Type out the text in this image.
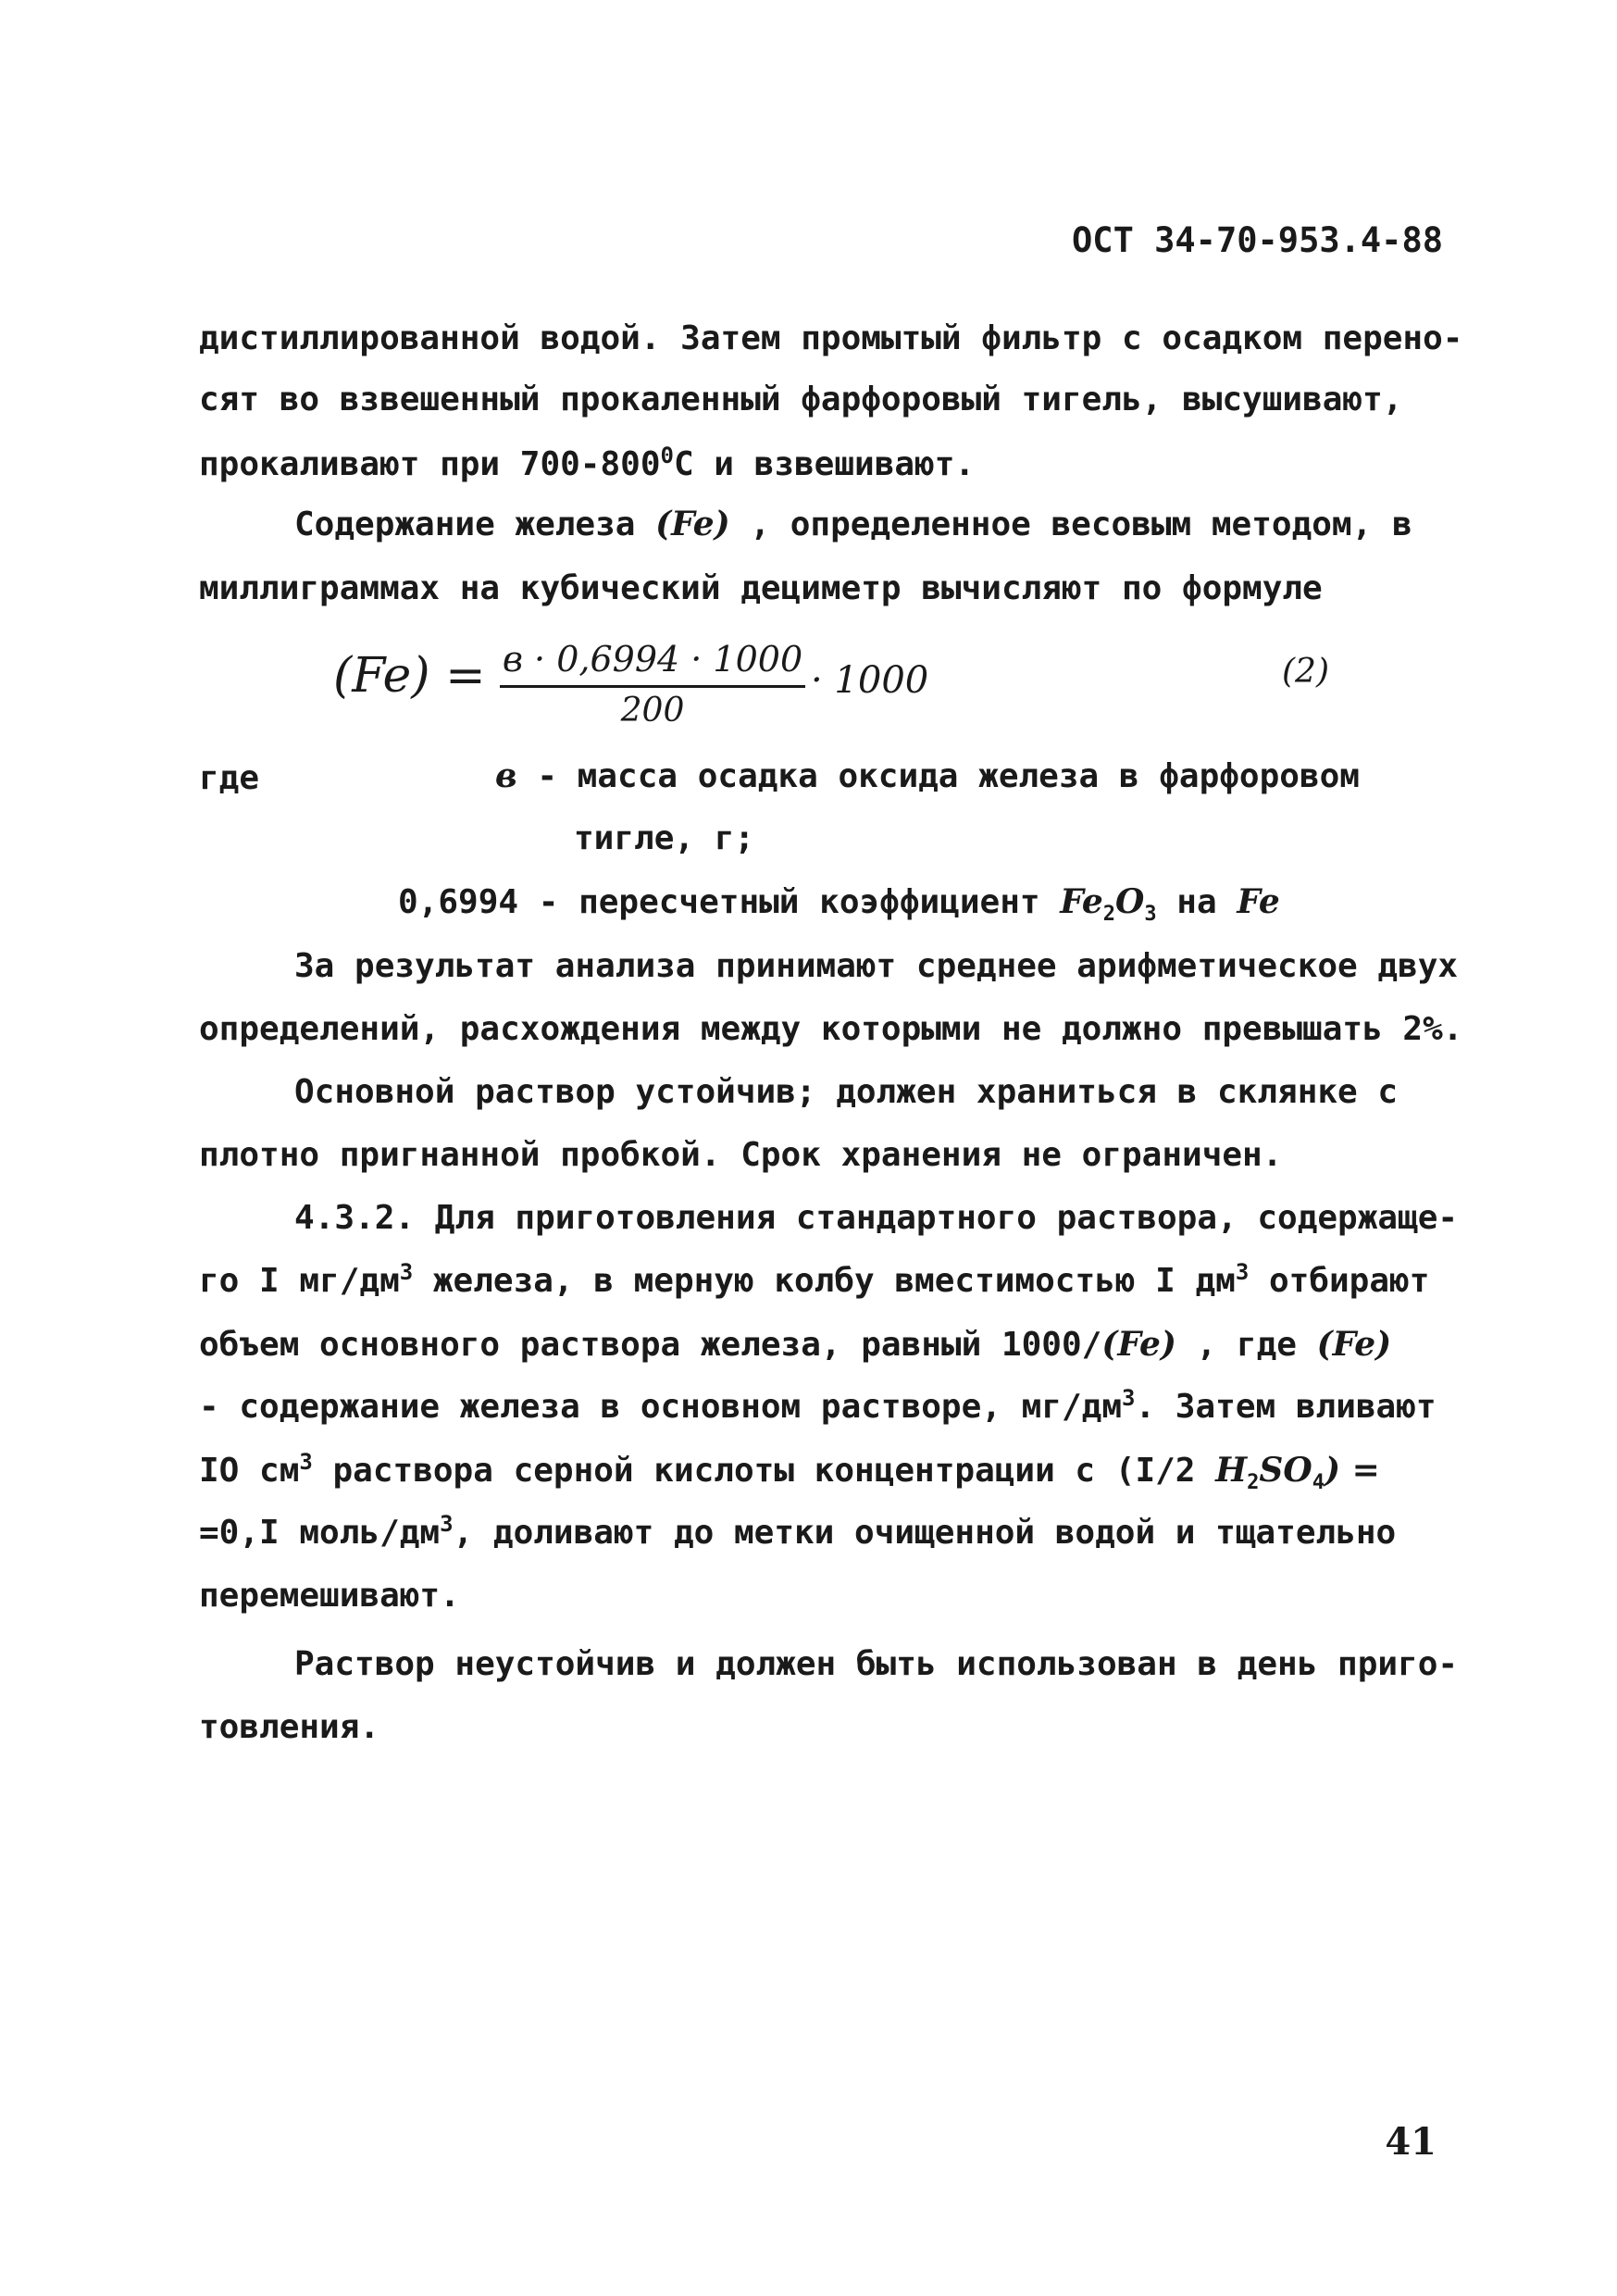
ОСТ 34-70-953.4-88
дистиллированной водой. Затем промытый фильтр с осадком перено-
сят во взвешенный прокаленный фарфоровый тигель, высушивают,
прокаливают при $700-800^0С$ и взвешивают.
Содержание железа (Fe) , определенное весовым методом, в
миллиграммах на кубический дециметр вычисляют по формуле
(Fe) = в · 0,6994 · 1000
200
· 1000	(2)
где	в - масса осадка оксида железа в фарфоровом
тигле, г;
0,6994 - пересчетный коэффициент $Fe_2O_3$ на Fe
За результат анализа принимают среднее арифметическое двух
определений, расхождения между которыми не должно превышать 2%.
Основной раствор устойчив; должен храниться в склянке с
плотно пригнанной пробкой. Срок хранения не ограничен.
4.3.2. Для приготовления стандартного раствора, содержаще-
го I $мг/дм^3$ железа, в мерную колбу вместимостью I $дм^3$ отбирают
объем основного раствора железа, равный 1000/(Fe) , где (Fe)
- содержание железа в основном растворе, $мг/дм^3$. Затем вливают
IO $см^3$ раствора серной кислоты концентрации с (I/2 $H_2SO_4$) =
=0,I моль/$дм^3$, доливают до метки очищенной водой и тщательно
перемешивают.
Раствор неустойчив и должен быть использован в день приго-
товления.
41
